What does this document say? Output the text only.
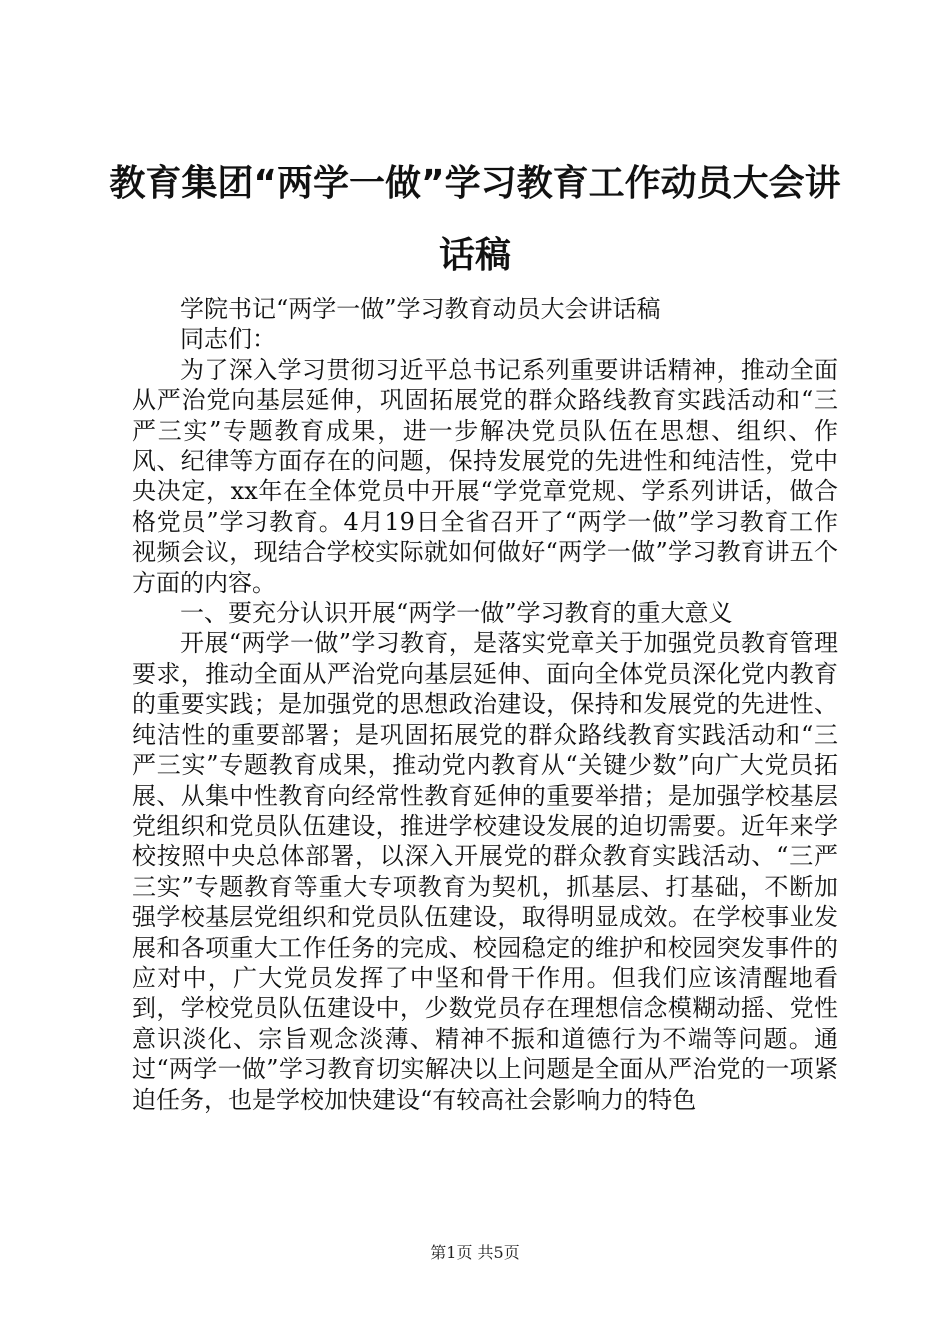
教育集团“两学一做”学习教育工作动员大会讲话稿

学院书记“两学一做”学习教育动员大会讲话稿

同志们：

为了深入学习贯彻习近平总书记系列重要讲话精神，推动全面从严治党向基层延伸，巩固拓展党的群众路线教育实践活动和“三严三实”专题教育成果，进一步解决党员队伍在思想、组织、作风、纪律等方面存在的问题，保持发展党的先进性和纯洁性，党中央决定，xx年在全体党员中开展“学党章党规、学系列讲话，做合格党员”学习教育。4月19日全省召开了“两学一做”学习教育工作视频会议，现结合学校实际就如何做好“两学一做”学习教育讲五个方面的内容。

一、要充分认识开展“两学一做”学习教育的重大意义

开展“两学一做”学习教育，是落实党章关于加强党员教育管理要求，推动全面从严治党向基层延伸、面向全体党员深化党内教育的重要实践；是加强党的思想政治建设，保持和发展党的先进性、纯洁性的重要部署；是巩固拓展党的群众路线教育实践活动和“三严三实”专题教育成果，推动党内教育从“关键少数”向广大党员拓展、从集中性教育向经常性教育延伸的重要举措；是加强学校基层党组织和党员队伍建设，推进学校建设发展的迫切需要。近年来学校按照中央总体部署，以深入开展党的群众教育实践活动、“三严三实”专题教育等重大专项教育为契机，抓基层、打基础，不断加强学校基层党组织和党员队伍建设，取得明显成效。在学校事业发展和各项重大工作任务的完成、校园稳定的维护和校园突发事件的应对中，广大党员发挥了中坚和骨干作用。但我们应该清醒地看到，学校党员队伍建设中，少数党员存在理想信念模糊动摇、党性意识淡化、宗旨观念淡薄、精神不振和道德行为不端等问题。通过“两学一做”学习教育切实解决以上问题是全面从严治党的一项紧迫任务，也是学校加快建设“有较高社会影响力的特色

第1页 共5页
